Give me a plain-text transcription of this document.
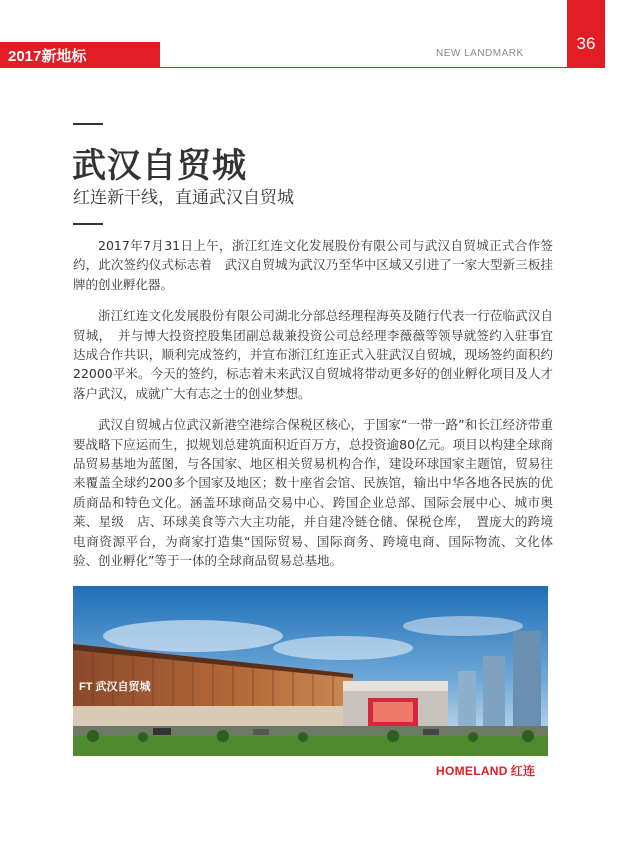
2017新地标	NEW LANDMARK
36
武汉自贸城
红连新干线，直通武汉自贸城

2017年7月31日上午，浙江红连文化发展股份有限公司与武汉自贸城正式合作签约，此次签约仪式标志着　武汉自贸城为武汉乃至华中区域又引进了一家大型新三板挂牌的创业孵化器。

浙江红连文化发展股份有限公司湖北分部总经理程海英及随行代表一行莅临武汉自贸城，　并与博大投资控股集团副总裁兼投资公司总经理李薇薇等领导就签约入驻事宜达成合作共识，顺利完成签约，并宣布浙江红连正式入驻武汉自贸城，现场签约面积约22000平米。今天的签约，标志着未来武汉自贸城将带动更多好的创业孵化项目及人才落户武汉，成就广大有志之士的创业梦想。

武汉自贸城占位武汉新港空港综合保税区核心，于国家“一带一路”和长江经济带重要战略下应运而生，拟规划总建筑面积近百万方，总投资逾80亿元。项目以构建全球商品贸易基地为蓝图，与各国家、地区相关贸易机构合作，建设环球国家主题馆，贸易往来覆盖全球约200多个国家及地区；数十座省会馆、民族馆，输出中华各地各民族的优质商品和特色文化。涵盖环球商品交易中心、跨国企业总部、国际会展中心、城市奥莱、星级　店、环球美食等六大主功能，并自建冷链仓储、保税仓库，　置庞大的跨境电商资源平台，为商家打造集“国际贸易、国际商务、跨境电商、国际物流、文化体验、创业孵化”等于一体的全球商品贸易总基地。

FT 武汉自贸城
HOMELAND 红连
